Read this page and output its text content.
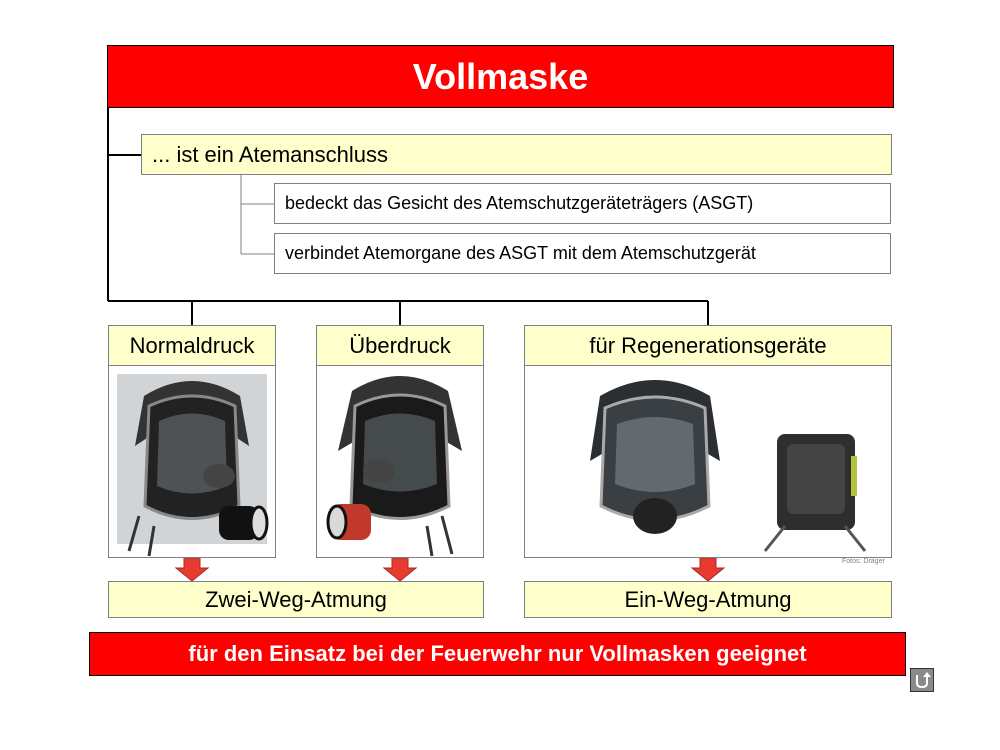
Vollmaske
... ist ein Atemanschluss
bedeckt das Gesicht des Atemschutzgeräteträgers (ASGT)
verbindet Atemorgane des ASGT mit dem Atemschutzgerät
Normaldruck	Überdruck	für Regenerationsgeräte
Fotos: Dräger
Zwei-Weg-Atmung	Ein-Weg-Atmung
für den Einsatz bei der Feuerwehr nur Vollmasken geeignet
